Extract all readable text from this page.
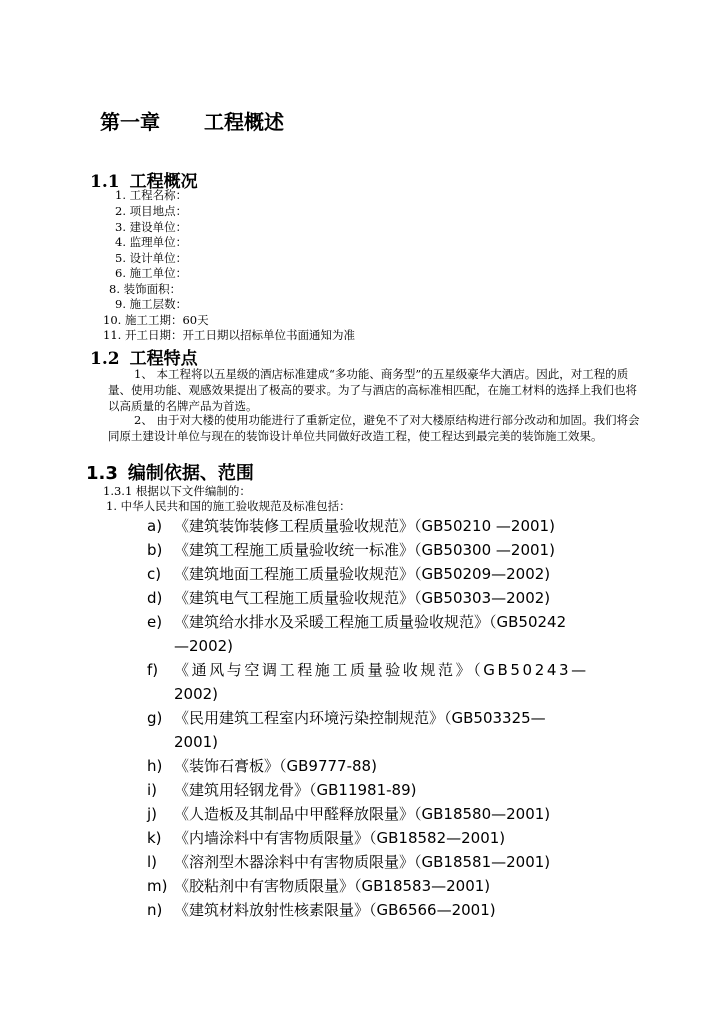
第一章 工程概述
1.1 工程概况
1. 工程名称：
2. 项目地点：
3. 建设单位：
4. 监理单位：
5. 设计单位：
6. 施工单位：
8. 装饰面积：
9. 施工层数：
10. 施工工期：60天
11. 开工日期：开工日期以招标单位书面通知为准
1.2 工程特点
1、 本工程将以五星级的酒店标准建成“多功能、商务型”的五星级豪华大酒店。因此，对工程的质量、使用功能、观感效果提出了极高的要求。为了与酒店的高标准相匹配，在施工材料的选择上我们也将以高质量的名牌产品为首选。
2、 由于对大楼的使用功能进行了重新定位，避免不了对大楼原结构进行部分改动和加固。我们将会同原土建设计单位与现在的装饰设计单位共同做好改造工程，使工程达到最完美的装饰施工效果。
1.3 编制依据、范围
1.3.1 根据以下文件编制的：
1. 中华人民共和国的施工验收规范及标准包括：
a) 《建筑装饰装修工程质量验收规范》（GB50210 —2001)
b) 《建筑工程施工质量验收统一标准》（GB50300 —2001)
c) 《建筑地面工程施工质量验收规范》（GB50209—2002)
d) 《建筑电气工程施工质量验收规范》（GB50303—2002)
e) 《建筑给水排水及采暖工程施工质量验收规范》（GB50242
—2002)
f) 《通风与空调工程施工质量验收规范》（GB50243—
2002)
g) 《民用建筑工程室内环境污染控制规范》（GB503325—
2001)
h) 《装饰石膏板》（GB9777-88)
i) 《建筑用轻钢龙骨》（GB11981-89)
j) 《人造板及其制品中甲醛释放限量》（GB18580—2001)
k) 《内墙涂料中有害物质限量》（GB18582—2001)
l) 《溶剂型木器涂料中有害物质限量》（GB18581—2001)
m) 《胶粘剂中有害物质限量》（GB18583—2001)
n) 《建筑材料放射性核素限量》（GB6566—2001)
